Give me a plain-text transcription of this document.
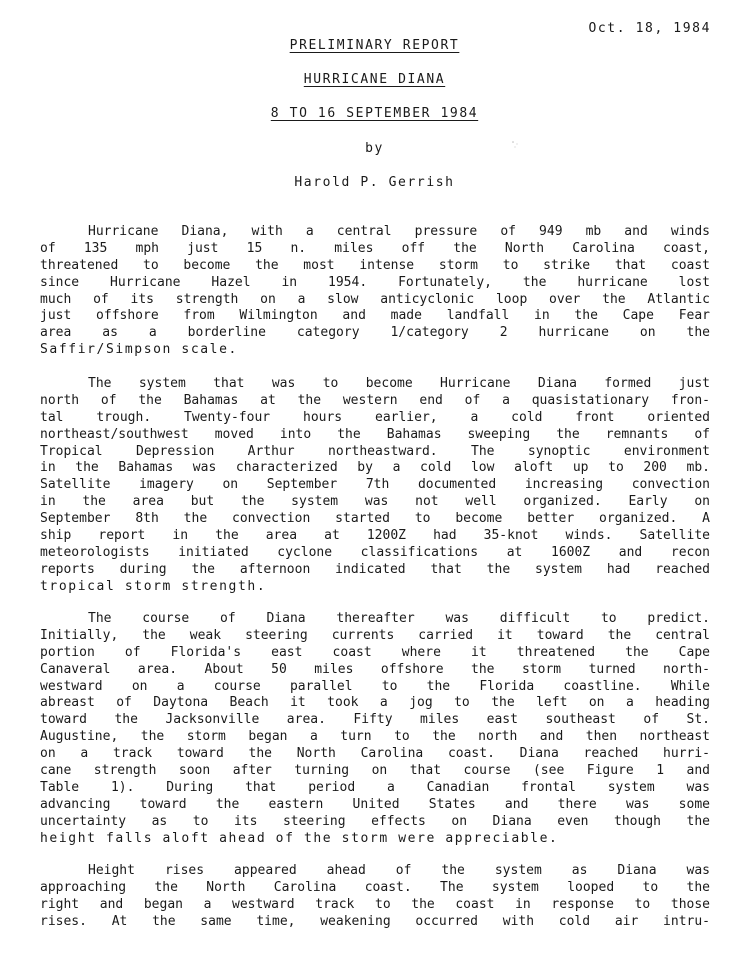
Oct. 18, 1984
PRELIMINARY REPORT
HURRICANE DIANA
8 TO 16 SEPTEMBER 1984
by
Harold P. Gerrish
Hurricane Diana, with a central pressure of 949 mb and winds
of 135 mph just 15 n. miles off the North Carolina coast,
threatened to become the most intense storm to strike that coast
since Hurricane Hazel in 1954. Fortunately, the hurricane lost
much of its strength on a slow anticyclonic loop over the Atlantic
just offshore from Wilmington and made landfall in the Cape Fear
area as a borderline category 1/category 2 hurricane on the
Saffir/Simpson scale.
The system that was to become Hurricane Diana formed just
north of the Bahamas at the western end of a quasistationary fron-
tal trough. Twenty-four hours earlier, a cold front oriented
northeast/southwest moved into the Bahamas sweeping the remnants of
Tropical Depression Arthur northeastward. The synoptic environment
in the Bahamas was characterized by a cold low aloft up to 200 mb.
Satellite imagery on September 7th documented increasing convection
in the area but the system was not well organized. Early on
September 8th the convection started to become better organized. A
ship report in the area at 1200Z had 35-knot winds. Satellite
meteorologists initiated cyclone classifications at 1600Z and recon
reports during the afternoon indicated that the system had reached
tropical storm strength.
The course of Diana thereafter was difficult to predict.
Initially, the weak steering currents carried it toward the central
portion of Florida's east coast where it threatened the Cape
Canaveral area. About 50 miles offshore the storm turned north-
westward on a course parallel to the Florida coastline. While
abreast of Daytona Beach it took a jog to the left on a heading
toward the Jacksonville area. Fifty miles east southeast of St.
Augustine, the storm began a turn to the north and then northeast
on a track toward the North Carolina coast. Diana reached hurri-
cane strength soon after turning on that course (see Figure 1 and
Table 1). During that period a Canadian frontal system was
advancing toward the eastern United States and there was some
uncertainty as to its steering effects on Diana even though the
height falls aloft ahead of the storm were appreciable.
Height rises appeared ahead of the system as Diana was
approaching the North Carolina coast. The system looped to the
right and began a westward track to the coast in response to those
rises. At the same time, weakening occurred with cold air intru-
